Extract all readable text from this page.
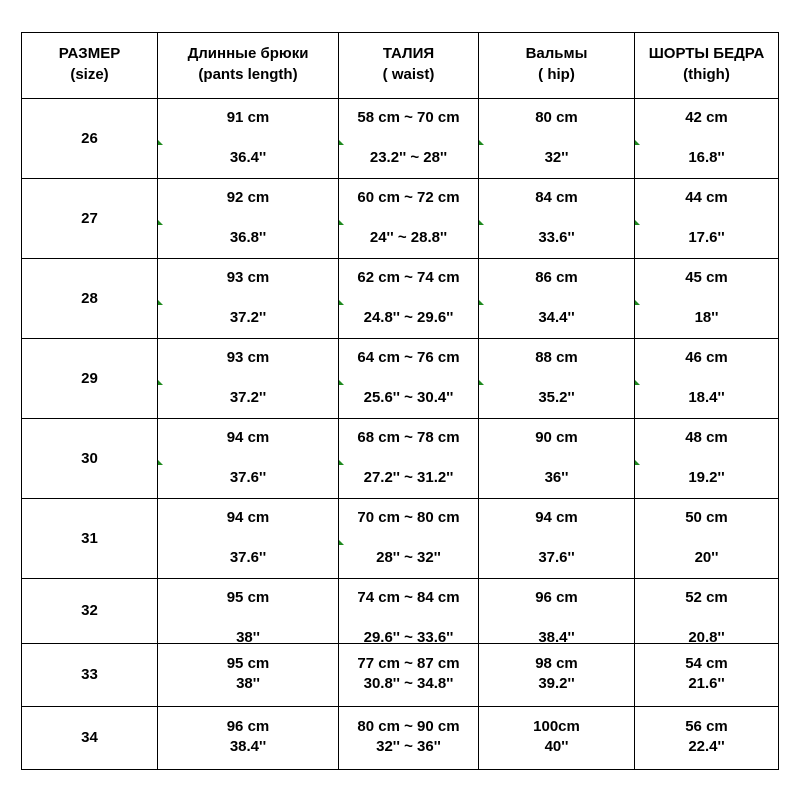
РАЗМЕР
(size)
Длинные брюки
(pants length)
ТАЛИЯ
( waist)
Вальмы
( hip)
ШОРТЫ БЕДРА
(thigh)
26
91 cm
36.4''
58 cm ~ 70 cm
23.2'' ~ 28''
80 cm
32''
42 cm
16.8''
27
92 cm
36.8''
60 cm ~ 72 cm
24'' ~ 28.8''
84 cm
33.6''
44 cm
17.6''
28
93 cm
37.2''
62 cm ~ 74 cm
24.8'' ~ 29.6''
86 cm
34.4''
45 cm
18''
29
93 cm
37.2''
64 cm ~ 76 cm
25.6'' ~ 30.4''
88 cm
35.2''
46 cm
18.4''
30
94 cm
37.6''
68 cm ~ 78 cm
27.2'' ~ 31.2''
90 cm
36''
48 cm
19.2''
31
94 cm
37.6''
70 cm ~ 80 cm
28'' ~ 32''
94 cm
37.6''
50 cm
20''
32
95 cm
38''
74 cm ~ 84 cm
29.6'' ~ 33.6''
96 cm
38.4''
52 cm
20.8''
33
95 cm
38''
77 cm ~ 87 cm
30.8'' ~ 34.8''
98 cm
39.2''
54 cm
21.6''
34
96 cm
38.4''
80 cm ~ 90 cm
32'' ~ 36''
100cm
40''
56 cm
22.4''
